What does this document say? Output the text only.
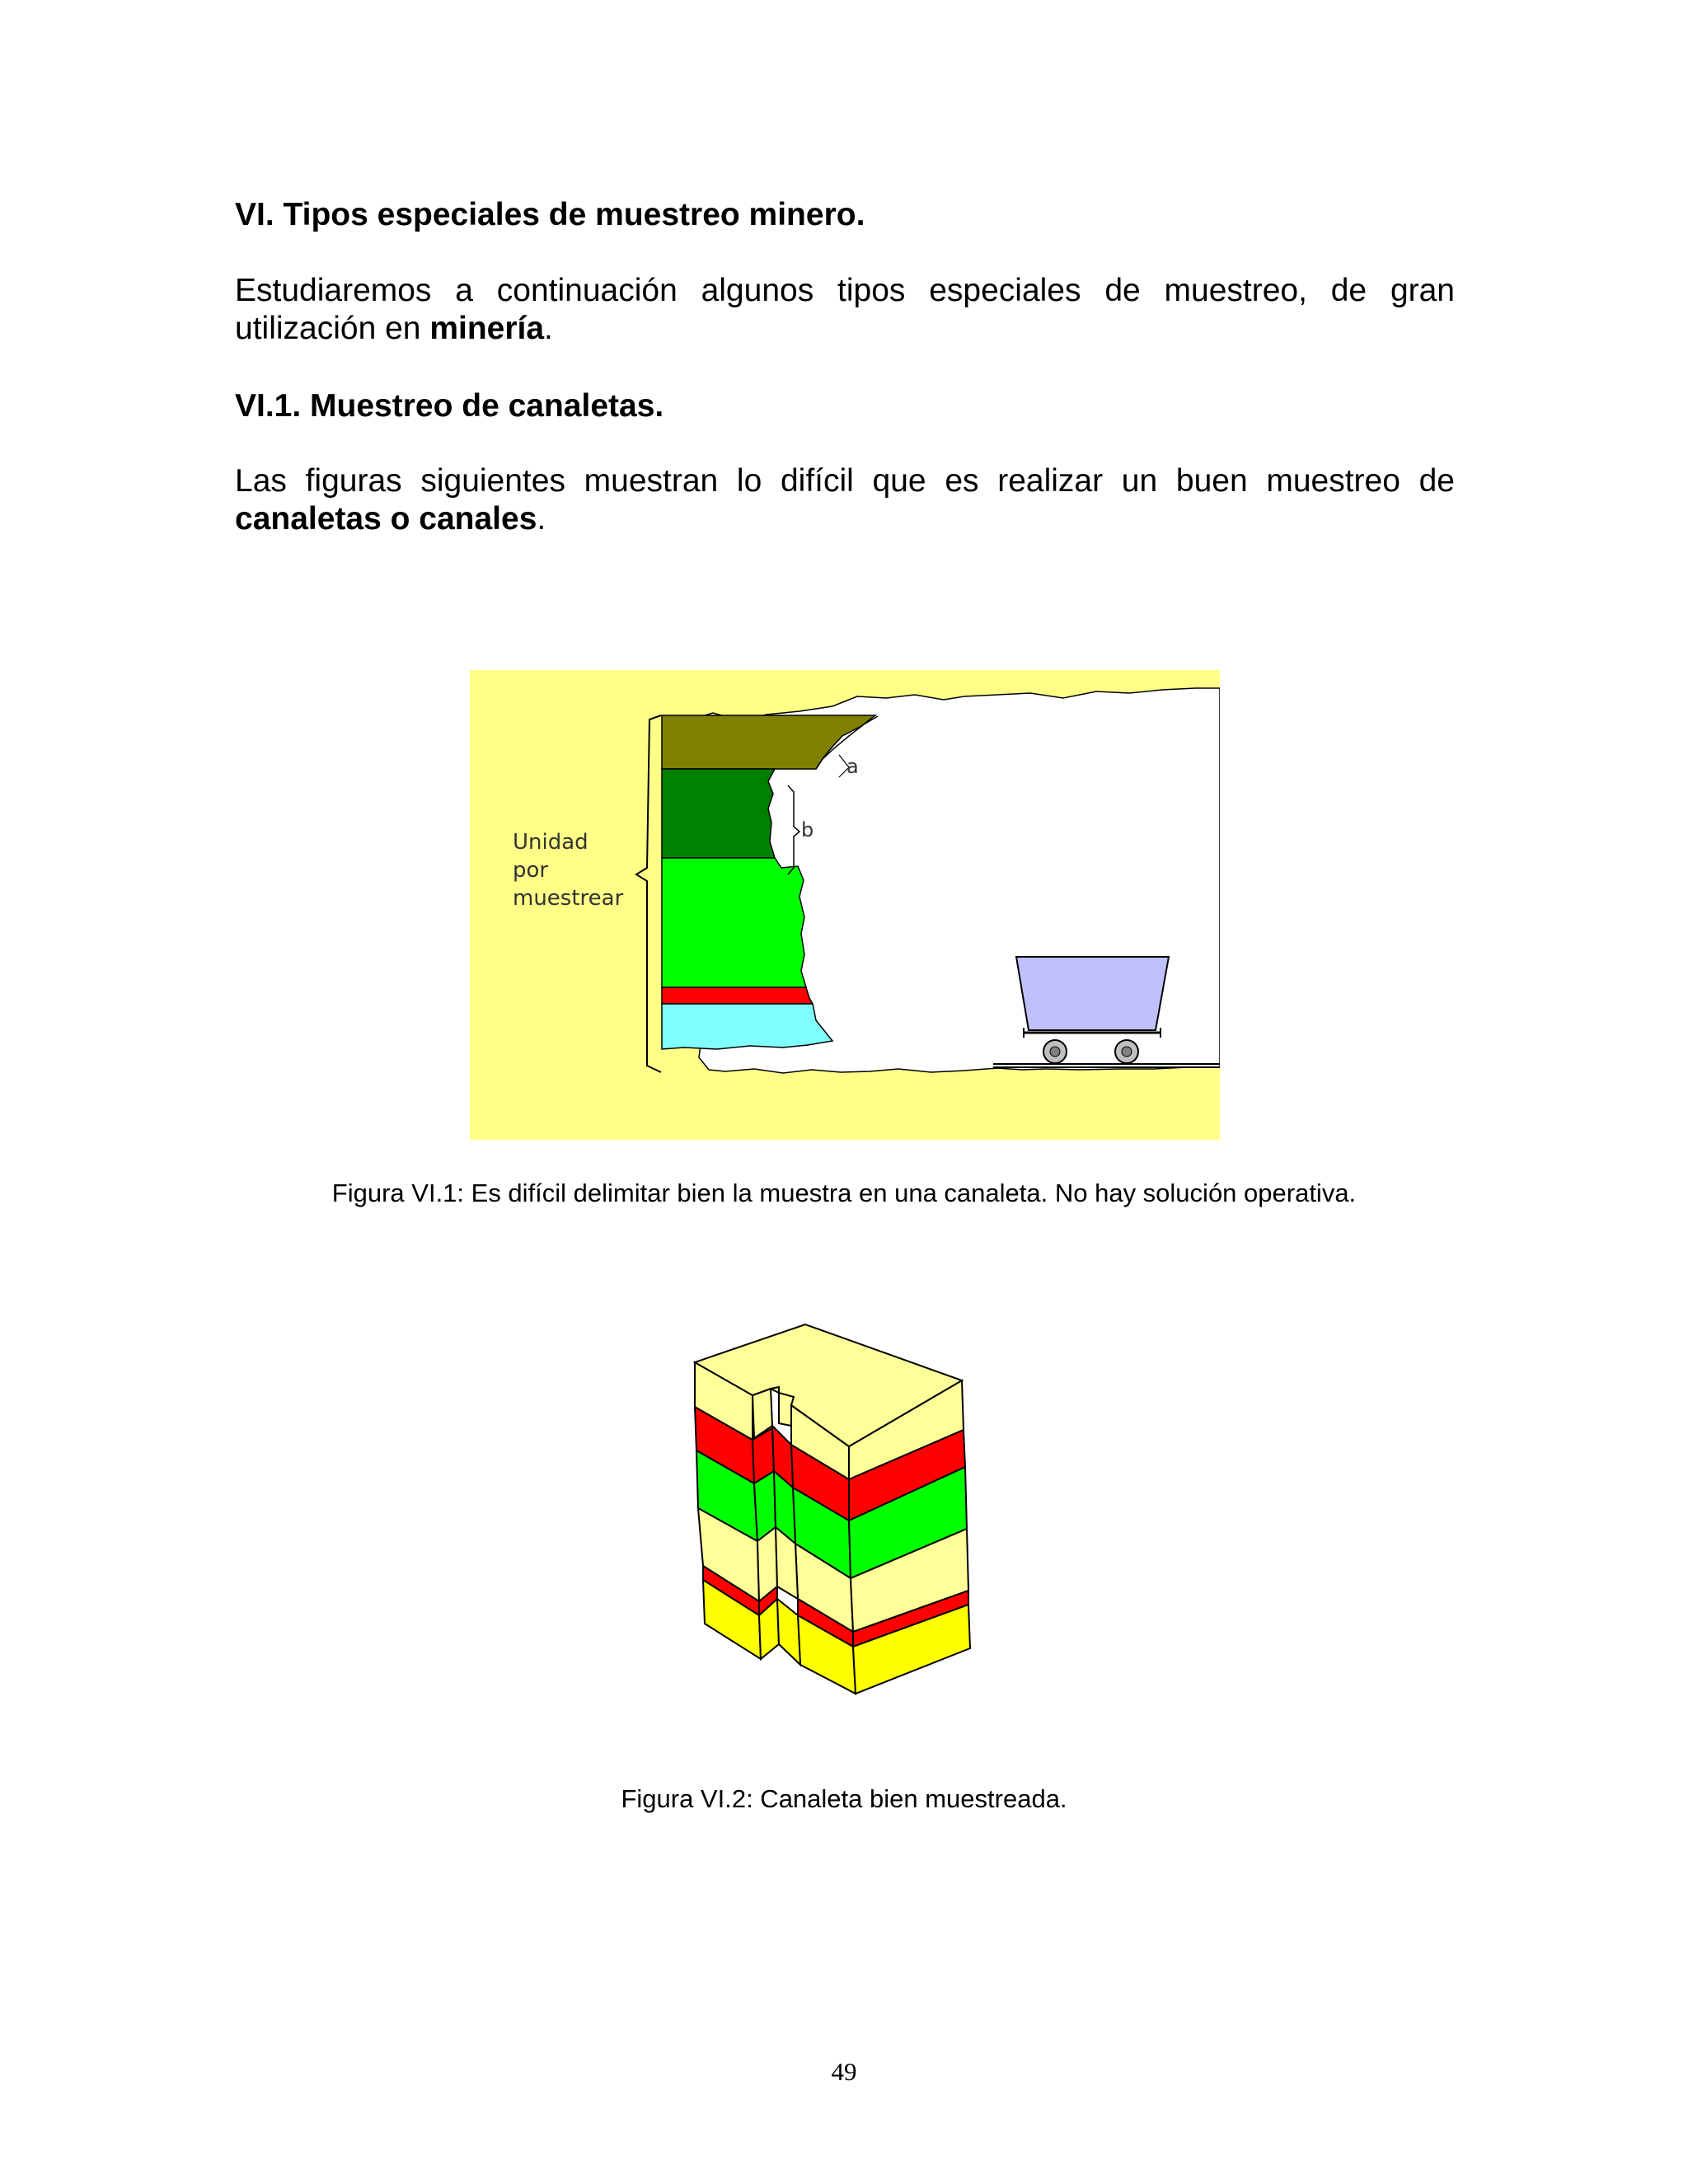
VI. Tipos especiales de muestreo minero.

Estudiaremos a continuación algunos tipos especiales de muestreo, de gran utilización en minería.

VI.1. Muestreo de canaletas.

Las figuras siguientes muestran lo difícil que es realizar un buen muestreo de canaletas o canales.

Unidad
por
muestrear
a
b

Figura VI.1: Es difícil delimitar bien la muestra en una canaleta. No hay solución operativa.

Figura VI.2: Canaleta bien muestreada.

49
